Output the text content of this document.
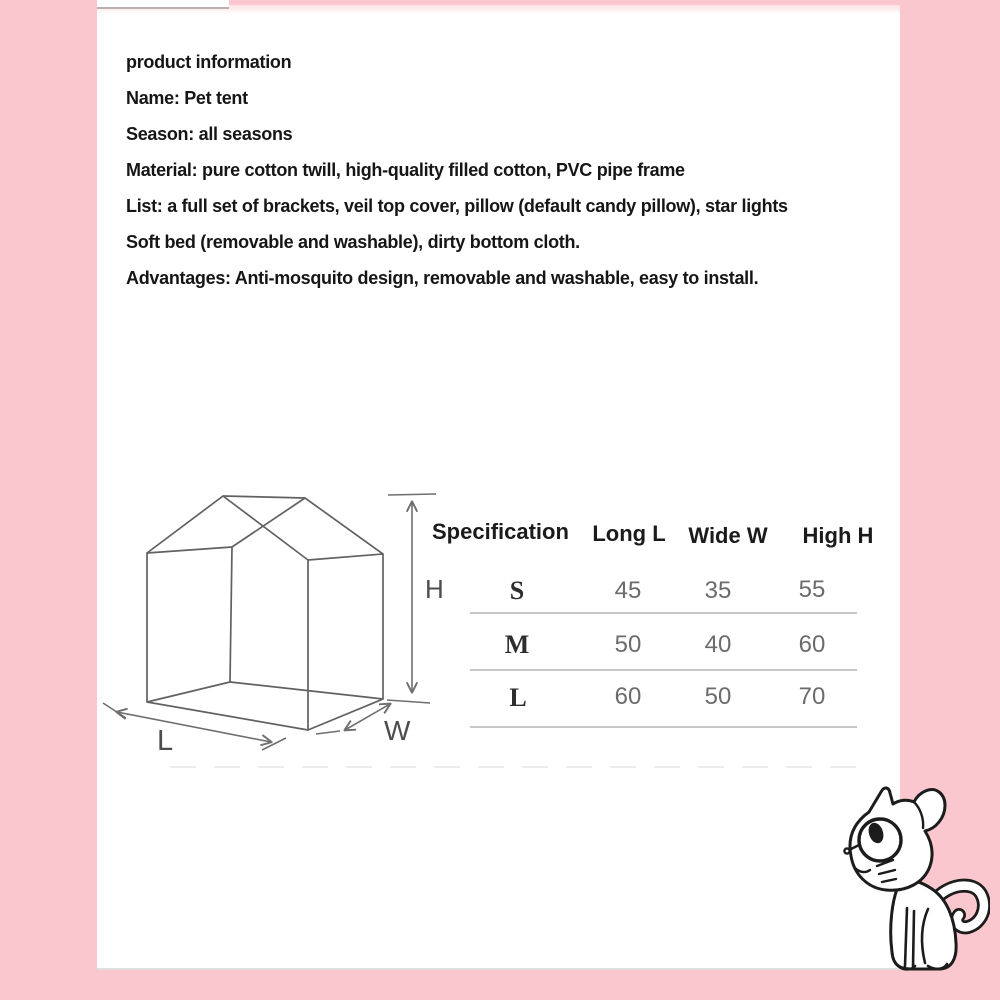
product information
Name: Pet tent
Season: all seasons
Material: pure cotton twill, high-quality filled cotton, PVC pipe frame
List: a full set of brackets, veil top cover, pillow (default candy pillow), star lights
Soft bed (removable and washable), dirty bottom cloth.
Advantages: Anti-mosquito design, removable and washable, easy to install.
H
L	W
Specification	Long L	Wide W	High H
S	45	35	55
M	50	40	60
L	60	50	70
